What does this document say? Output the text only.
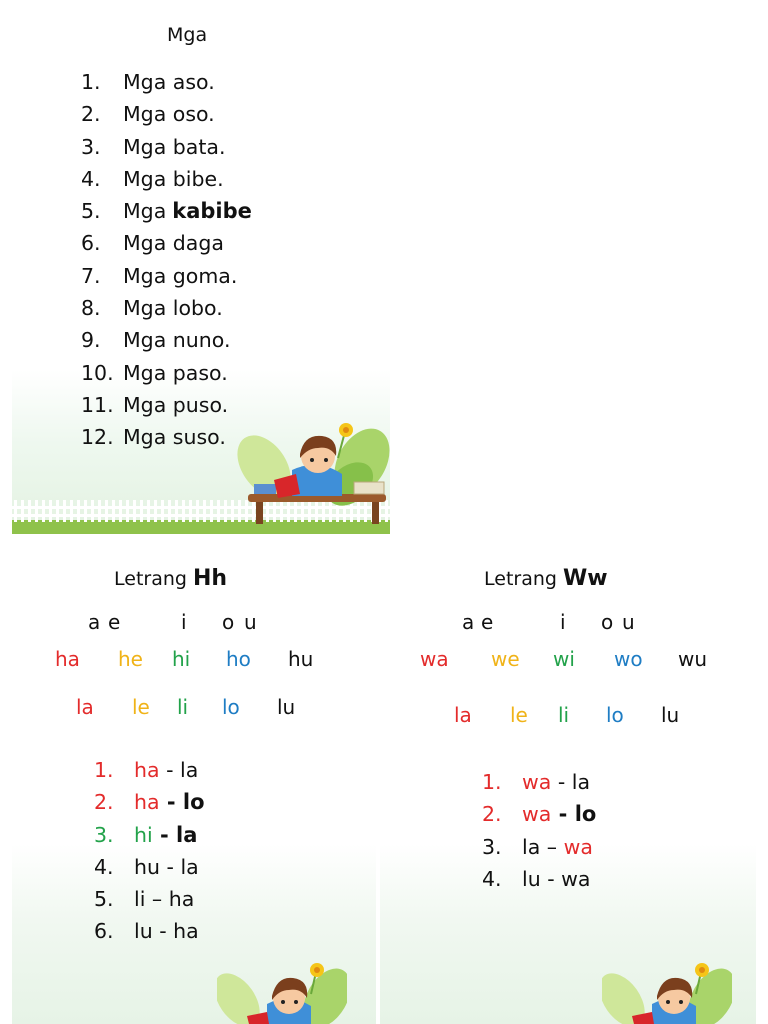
Mga
1.	Mga aso.
2.	Mga oso.
3.	Mga bata.
4.	Mga bibe.
5.	Mga kabibe
6.	Mga daga
7.	Mga goma.
8.	Mga lobo.
9.	Mga nuno.
10. Mga paso.
11. Mga puso.
12. Mga suso.
Letrang Hh
a e	i o u
ha he hi ho hu
la le li lo lu
1. ha - la
2. ha - lo
3. hi - la
4. hu - la
5. li – ha
6. lu - ha
Letrang Ww
a e	i o u
wa we wi wo wu
la le li lo lu
1. wa - la
2. wa - lo
3. la – wa
4. lu - wa
